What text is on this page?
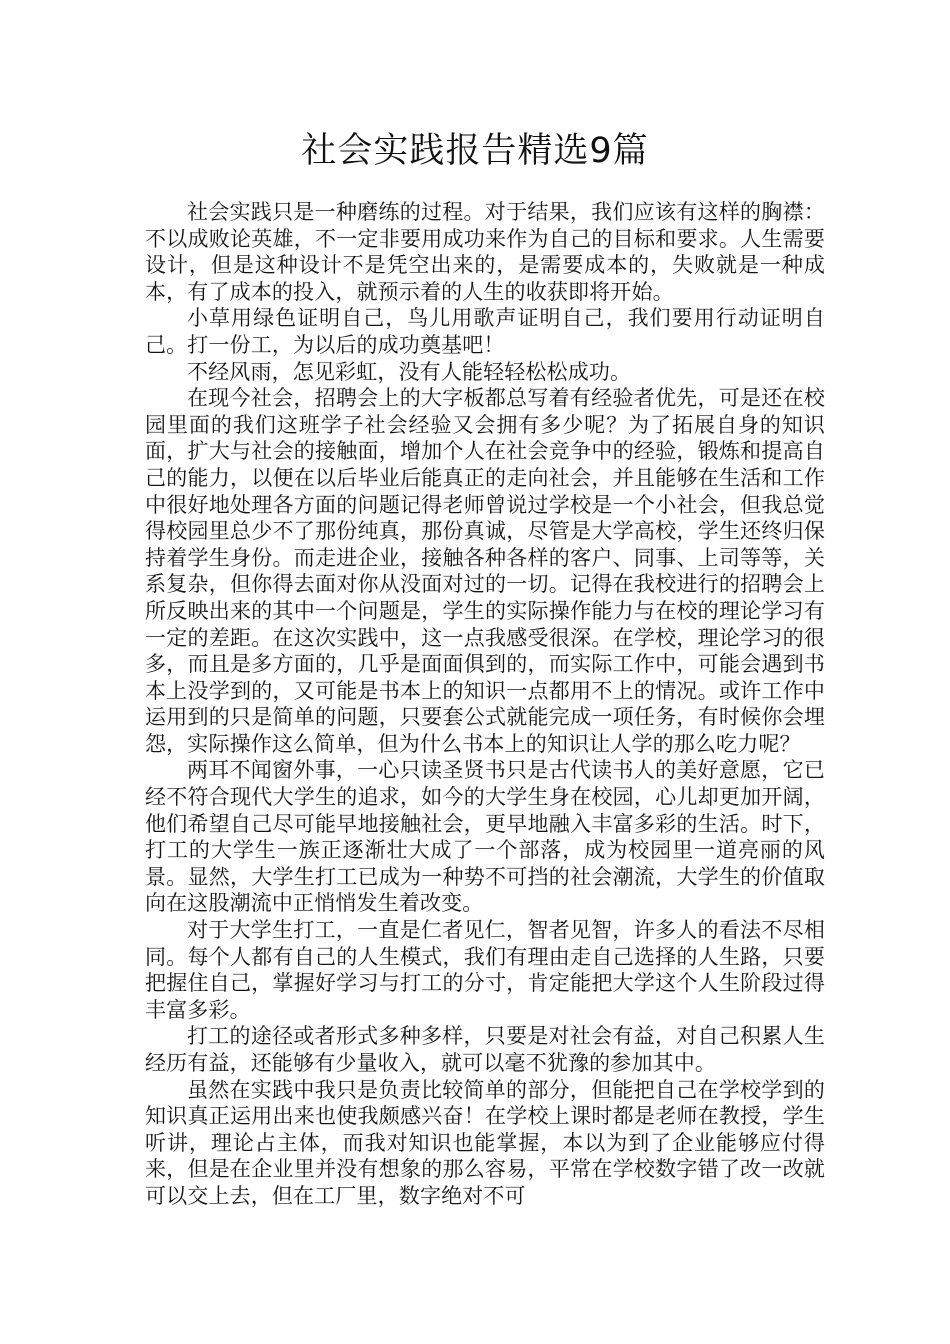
社会实践报告精选9篇

社会实践只是一种磨练的过程。对于结果，我们应该有这样的胸襟：不以成败论英雄，不一定非要用成功来作为自己的目标和要求。人生需要设计，但是这种设计不是凭空出来的，是需要成本的，失败就是一种成本，有了成本的投入，就预示着的人生的收获即将开始。

小草用绿色证明自己，鸟儿用歌声证明自己，我们要用行动证明自己。打一份工，为以后的成功奠基吧！

不经风雨，怎见彩虹，没有人能轻轻松松成功。

在现今社会，招聘会上的大字板都总写着有经验者优先，可是还在校园里面的我们这班学子社会经验又会拥有多少呢？为了拓展自身的知识面，扩大与社会的接触面，增加个人在社会竞争中的经验，锻炼和提高自己的能力，以便在以后毕业后能真正的走向社会，并且能够在生活和工作中很好地处理各方面的问题记得老师曾说过学校是一个小社会，但我总觉得校园里总少不了那份纯真，那份真诚，尽管是大学高校，学生还终归保持着学生身份。而走进企业，接触各种各样的客户、同事、上司等等，关系复杂，但你得去面对你从没面对过的一切。记得在我校进行的招聘会上所反映出来的其中一个问题是，学生的实际操作能力与在校的理论学习有一定的差距。在这次实践中，这一点我感受很深。在学校，理论学习的很多，而且是多方面的，几乎是面面俱到的，而实际工作中，可能会遇到书本上没学到的，又可能是书本上的知识一点都用不上的情况。或许工作中运用到的只是简单的问题，只要套公式就能完成一项任务，有时候你会埋怨，实际操作这么简单，但为什么书本上的知识让人学的那么吃力呢？

两耳不闻窗外事，一心只读圣贤书只是古代读书人的美好意愿，它已经不符合现代大学生的追求，如今的大学生身在校园，心儿却更加开阔，他们希望自己尽可能早地接触社会，更早地融入丰富多彩的生活。时下，打工的大学生一族正逐渐壮大成了一个部落，成为校园里一道亮丽的风景。显然，大学生打工已成为一种势不可挡的社会潮流，大学生的价值取向在这股潮流中正悄悄发生着改变。

对于大学生打工，一直是仁者见仁，智者见智，许多人的看法不尽相同。每个人都有自己的人生模式，我们有理由走自己选择的人生路，只要把握住自己，掌握好学习与打工的分寸，肯定能把大学这个人生阶段过得丰富多彩。

打工的途径或者形式多种多样，只要是对社会有益，对自己积累人生经历有益，还能够有少量收入，就可以毫不犹豫的参加其中。

虽然在实践中我只是负责比较简单的部分，但能把自己在学校学到的知识真正运用出来也使我颇感兴奋！在学校上课时都是老师在教授，学生听讲，理论占主体，而我对知识也能掌握，本以为到了企业能够应付得来，但是在企业里并没有想象的那么容易，平常在学校数字错了改一改就可以交上去，但在工厂里，数字绝对不可
